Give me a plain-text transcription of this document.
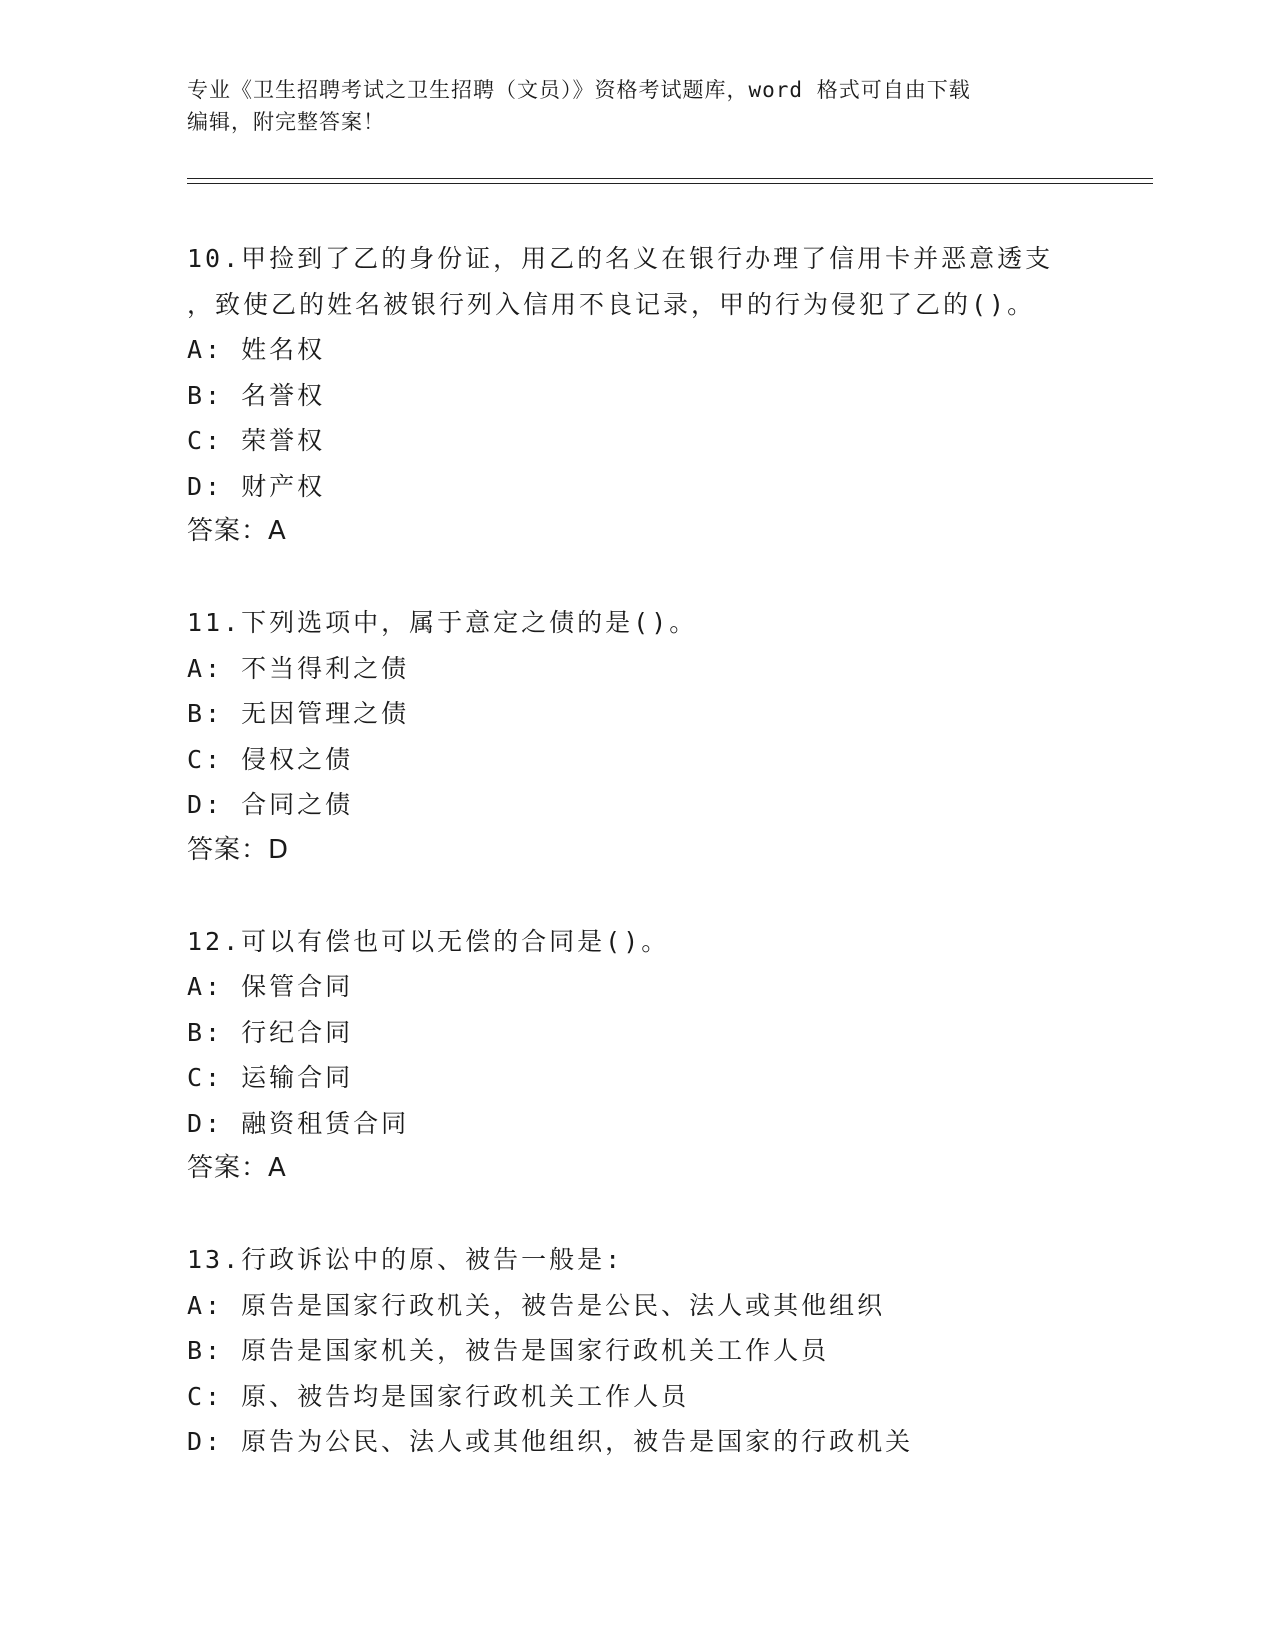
专业《卫生招聘考试之卫生招聘（文员）》资格考试题库，word 格式可自由下载
编辑，附完整答案！
10.甲捡到了乙的身份证，用乙的名义在银行办理了信用卡并恶意透支
，致使乙的姓名被银行列入信用不良记录，甲的行为侵犯了乙的()。
A: 姓名权
B: 名誉权
C: 荣誉权
D: 财产权
答案：A
11.下列选项中，属于意定之债的是()。
A: 不当得利之债
B: 无因管理之债
C: 侵权之债
D: 合同之债
答案：D
12.可以有偿也可以无偿的合同是()。
A: 保管合同
B: 行纪合同
C: 运输合同
D: 融资租赁合同
答案：A
13.行政诉讼中的原、被告一般是:
A: 原告是国家行政机关，被告是公民、法人或其他组织
B: 原告是国家机关，被告是国家行政机关工作人员
C: 原、被告均是国家行政机关工作人员
D: 原告为公民、法人或其他组织，被告是国家的行政机关
